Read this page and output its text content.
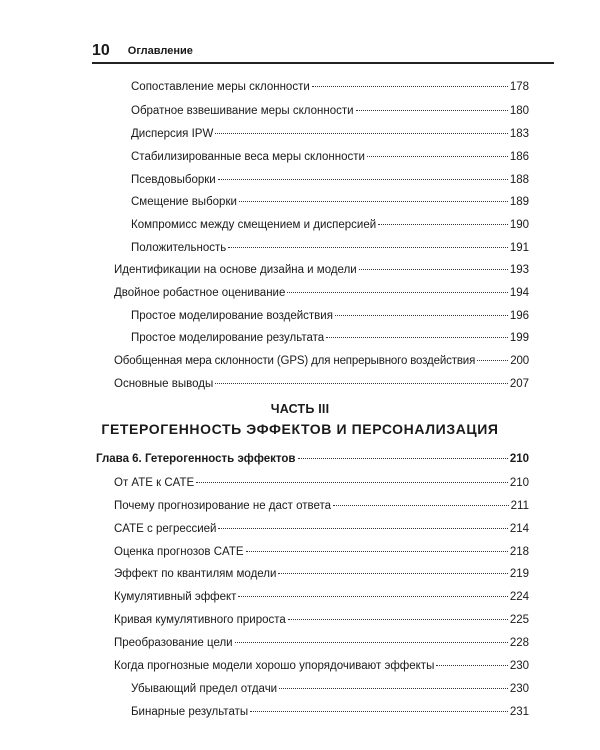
10 Оглавление
Сопоставление меры склонности	178
Обратное взвешивание меры склонности	180
Дисперсия IPW	183
Стабилизированные веса меры склонности	186
Псевдовыборки	188
Смещение выборки	189
Компромисс между смещением и дисперсией	190
Положительность	191
Идентификации на основе дизайна и модели	193
Двойное робастное оценивание	194
Простое моделирование воздействия	196
Простое моделирование результата	199
Обобщенная мера склонности (GPS) для непрерывного воздействия	200
Основные выводы	207
ЧАСТЬ III
ГЕТЕРОГЕННОСТЬ ЭФФЕКТОВ И ПЕРСОНАЛИЗАЦИЯ
Глава 6. Гетерогенность эффектов	210
От ATE к CATE	210
Почему прогнозирование не даст ответа	211
CATE с регрессией	214
Оценка прогнозов CATE	218
Эффект по квантилям модели	219
Кумулятивный эффект	224
Кривая кумулятивного прироста	225
Преобразование цели	228
Когда прогнозные модели хорошо упорядочивают эффекты	230
Убывающий предел отдачи	230
Бинарные результаты	231
